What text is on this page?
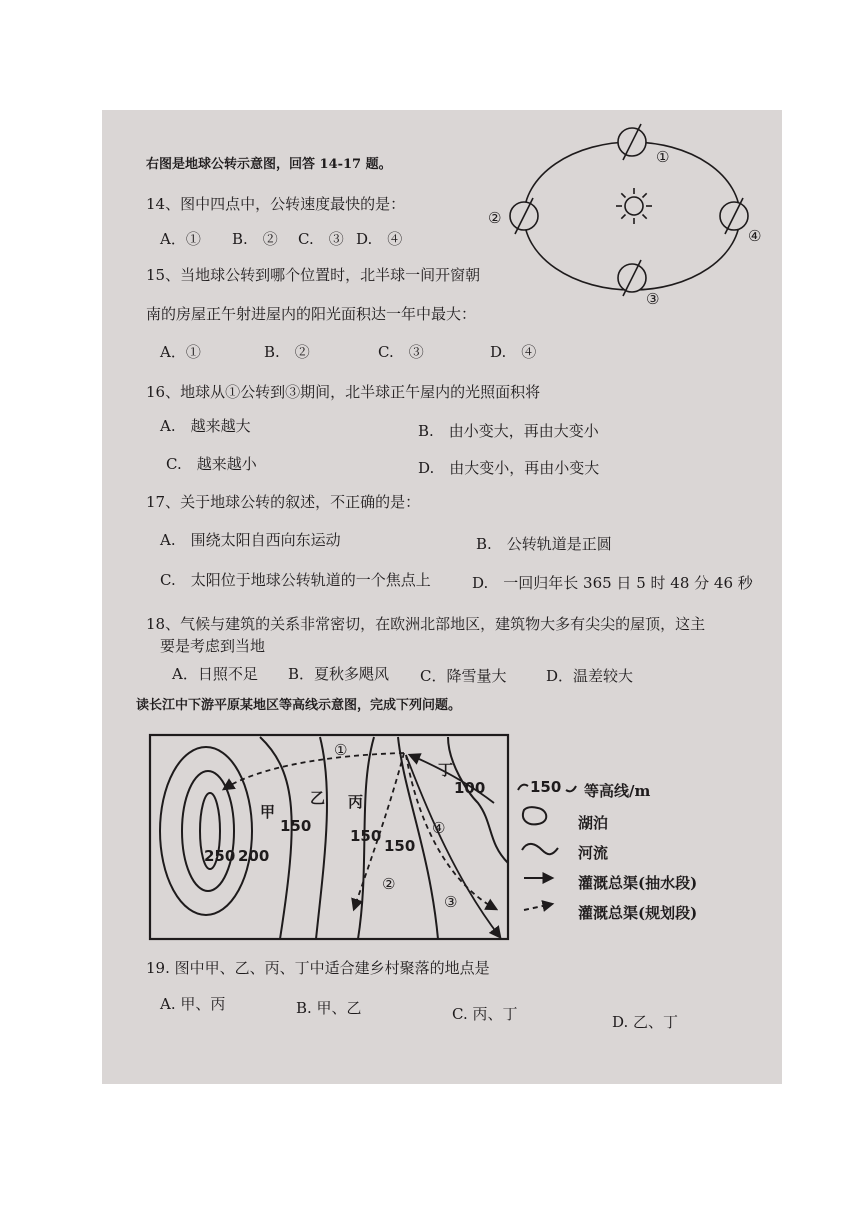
右图是地球公转示意图，回答 14-17 题。
14、图中四点中，公转速度最快的是：
A．① B.　② C.　③ D.　④
15、当地球公转到哪个位置时，北半球一间开窗朝
南的房屋正午射进屋内的阳光面积达一年中最大：
A．①	B.　②	C.　③	D.　④
①
②
③
④
16、地球从①公转到③期间，北半球正午屋内的光照面积将
A.　越来越大	B.　由小变大，再由大变小
C.　越来越小	D.　由大变小，再由小变大
17、关于地球公转的叙述，不正确的是：
A.　围绕太阳自西向东运动	B.　公转轨道是正圆
C.　太阳位于地球公转轨道的一个焦点上	D.　一回归年长 365 日 5 时 48 分 46 秒
18、气候与建筑的关系非常密切，在欧洲北部地区，建筑物大多有尖尖的屋顶，这主
要是考虑到当地
A．日照不足 B．夏秋多飓风 C．降雪量大	D．温差较大
读长江中下游平原某地区等高线示意图，完成下列问题。
250 200
150
150
150
100
甲
乙 丙
丁
①
②
③
④
150 等高线/m
湖泊
河流
灌溉总渠(抽水段)
灌溉总渠(规划段)
19. 图中甲、乙、丙、丁中适合建乡村聚落的地点是
A. 甲、丙	B. 甲、乙	C. 丙、丁	D. 乙、丁
